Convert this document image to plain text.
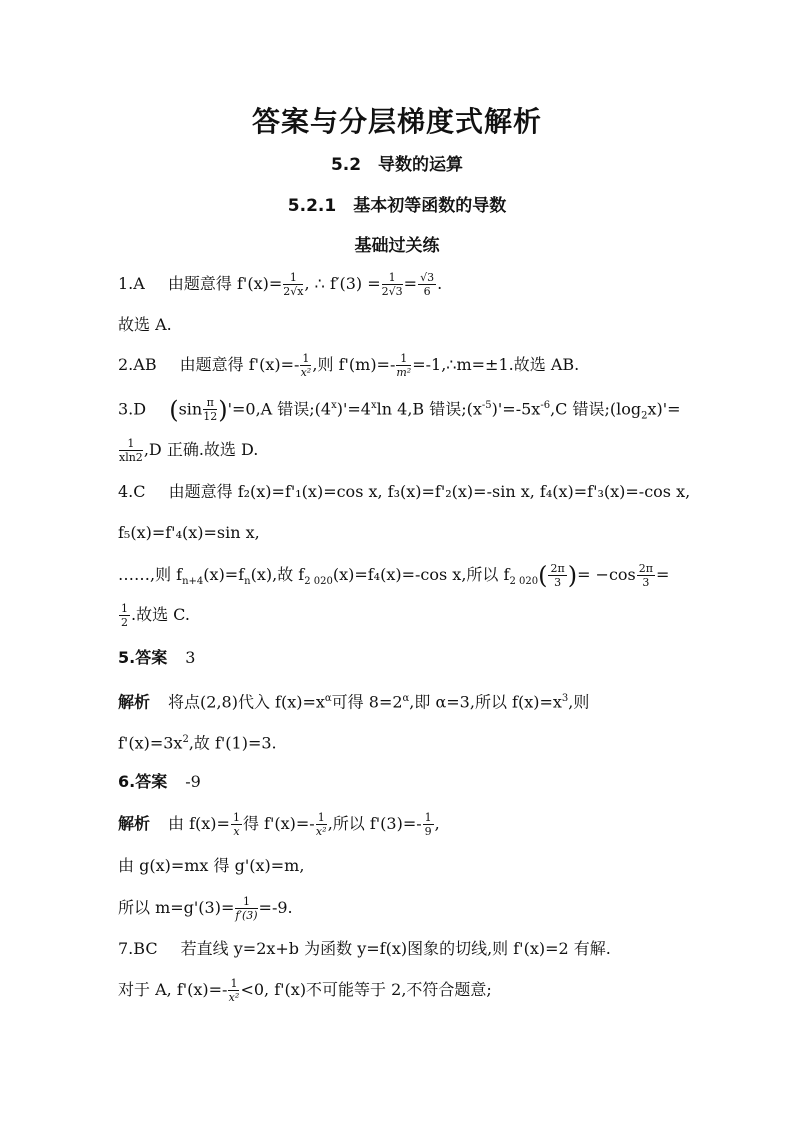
答案与分层梯度式解析
5.2　导数的运算
5.2.1　基本初等函数的导数
基础过关练
1.A 由题意得 $f'(x)= \frac{1}{2√x}$ , ∴ $f'(3) = \frac{1}{2√3} = \frac{√3}{6}$ .
故选 A.
2.AB 由题意得 $f'(x)=- \frac{1}{\text{x²}}$ ,则 $f'(m)=- \frac{1}{\text{m²}}$ =-1,∴m=±1.故选 AB.
3.D $(\sin \frac{\pi}{12} )'=0,A$ 错误$;(4^x)'=4^x\ln$ 4,B 错误$;(x^{-5})'=-5x^{-6},C$ 错误$;(\log_2x)'=$
$\frac{1}{xln2} ,D$ 正确.故选 D.
4.C 由题意得 f₂(x)=f'₁(x)=cos x, f₃(x)=f'₂(x)=-sin x, f₄(x)=f'₃(x)=-cos x,
f₅(x)=f'₄(x)=sin x,
……,则 $f_{n+4}(x)=f_n(x)$,故 $f_{2 020}(x)=f_4(x)=-\cos$ x,所以 $f_{2 020}( \frac{2\pi}{3}$ )= $-\cos \frac{2\pi}{3}$ =
$\frac{1}{2}$ .故选 C.
5.答案 3
解析 将点(2,8)代入 $f(x)=x^\alpha$可得 $8=2^\alpha$,即 α=3,所以 $f(x)=x^3$,则
$f'(x)=3x^2$,故 f'(1)=3.
6.答案 -9
解析 由 $f(x)= \frac{1}{x}$ 得 $f'(x)=- \frac{1}{\text{x²}}$ ,所以 $f'(3)=- \frac{1}{9}$ ,
由 g(x)=mx 得 g'(x)=m,
所以 $m=g'(3)= \frac{1}{f'(3)} =-9$.
7.BC 若直线 y=2x+b 为函数 y=f(x)图象的切线,则 f'(x)=2 有解.
对于 A, $f'(x)=- \frac{1}{\text{x²}} <0$, f'(x)不可能等于 2,不符合题意;
